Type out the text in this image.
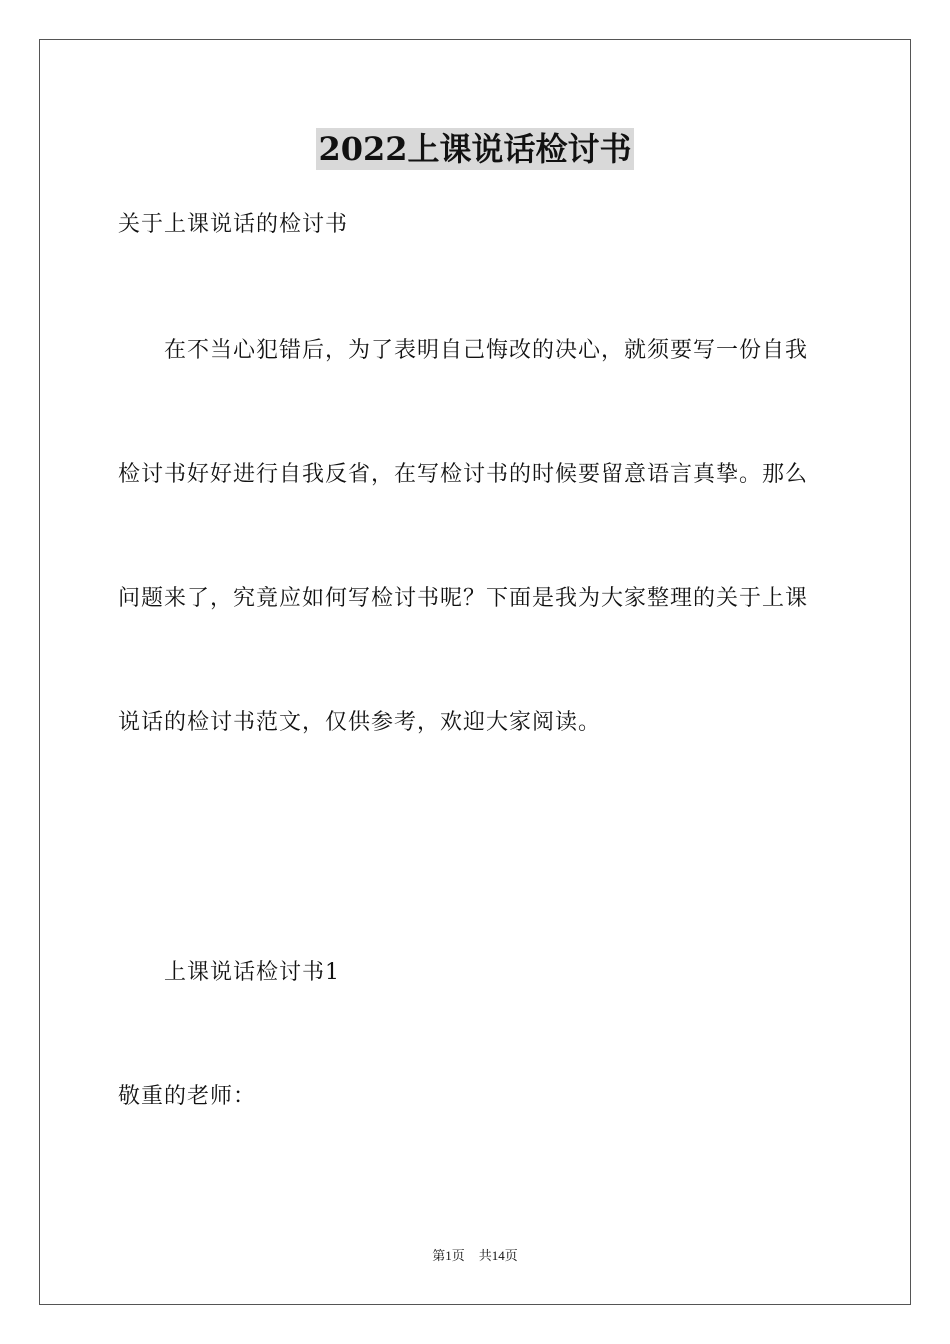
2022上课说话检讨书
关于上课说话的检讨书
在不当心犯错后，为了表明自己悔改的决心，就须要写一份自我
检讨书好好进行自我反省，在写检讨书的时候要留意语言真挚。那么
问题来了，究竟应如何写检讨书呢？下面是我为大家整理的关于上课
说话的检讨书范文，仅供参考，欢迎大家阅读。
上课说话检讨书1
敬重的老师：
第1页 共14页
